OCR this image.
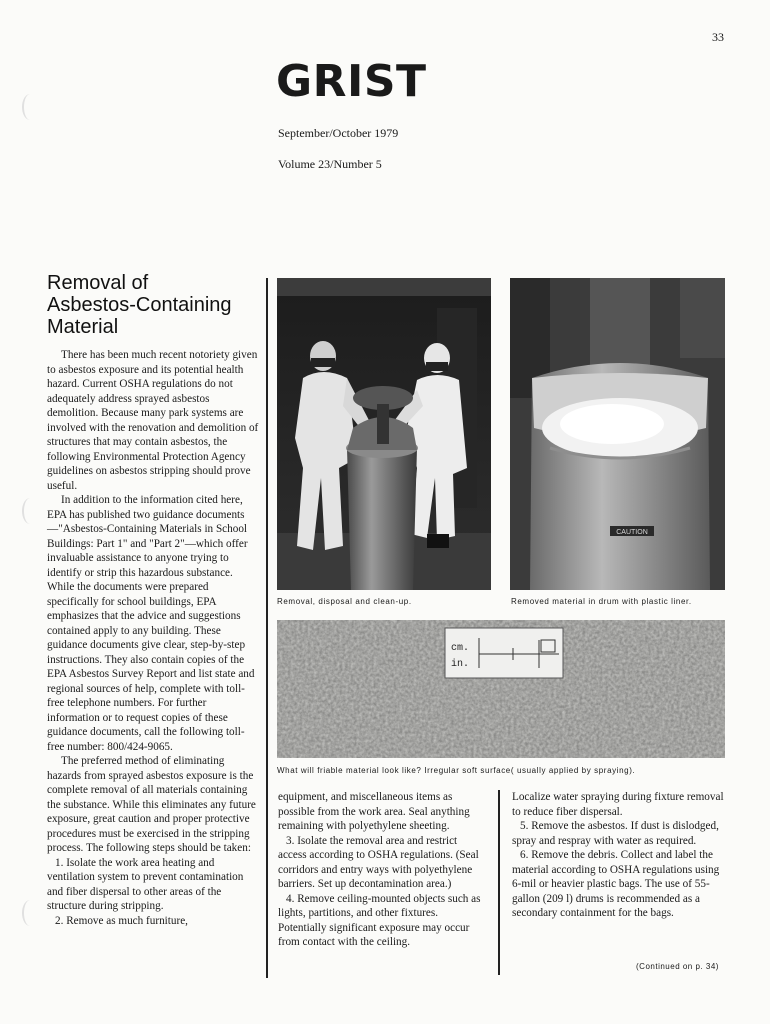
33
GRIST
September/October 1979
Volume 23/Number 5
Removal of
Asbestos-Containing
Material

There has been much recent notoriety given to asbestos exposure and its potential health hazard. Current OSHA regulations do not adequately address sprayed asbestos demolition. Because many park systems are involved with the renovation and demolition of structures that may contain asbestos, the following Environmental Protection Agency guidelines on asbestos stripping should prove useful.

In addition to the information cited here, EPA has published two guidance documents—"Asbestos-Containing Materials in School Buildings: Part 1" and "Part 2"—which offer invaluable assistance to anyone trying to identify or strip this hazardous substance. While the documents were prepared specifically for school buildings, EPA emphasizes that the advice and suggestions contained apply to any building. These guidance documents give clear, step-by-step instructions. They also contain copies of the EPA Asbestos Survey Report and list state and regional sources of help, complete with toll-free telephone numbers. For further information or to request copies of these guidance documents, call the following toll-free number: 800/424-9065.

The preferred method of eliminating hazards from sprayed asbestos exposure is the complete removal of all materials containing the substance. While this eliminates any future exposure, great caution and proper protective procedures must be exercised in the stripping process. The following steps should be taken:

1. Isolate the work area heating and ventilation system to prevent contamination and fiber dispersal to other areas of the structure during stripping.

2. Remove as much furniture,

Removal, disposal and clean-up.
CAUTION
Removed material in drum with plastic liner.
cm.
in.
What will friable material look like? Irregular soft surface( usually applied by spraying).

equipment, and miscellaneous items as possible from the work area. Seal anything remaining with polyethylene sheeting.

3. Isolate the removal area and restrict access according to OSHA regulations. (Seal corridors and entry ways with polyethylene barriers. Set up decontamination area.)

4. Remove ceiling-mounted objects such as lights, partitions, and other fixtures. Potentially significant exposure may occur from contact with the ceiling.

Localize water spraying during fixture removal to reduce fiber dispersal.

5. Remove the asbestos. If dust is dislodged, spray and respray with water as required.

6. Remove the debris. Collect and label the material according to OSHA regulations using 6-mil or heavier plastic bags. The use of 55-gallon (209 l) drums is recommended as a secondary containment for the bags.

(Continued on p. 34)
